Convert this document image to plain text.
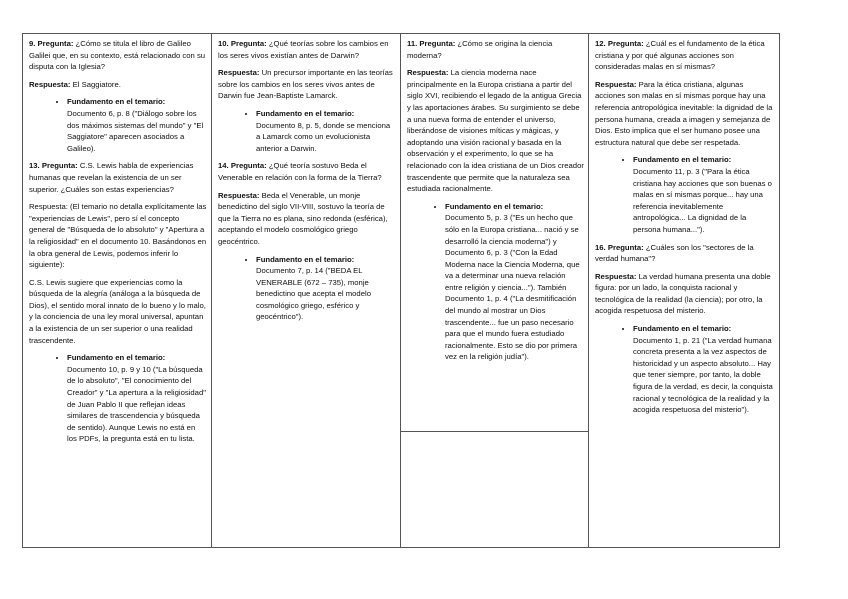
9. Pregunta: ¿Cómo se titula el libro de Galileo Galilei que, en su contexto, está relacionado con su disputa con la Iglesia?

Respuesta: El Saggiatore.

• Fundamento en el temario:
Documento 6, p. 8 ("Diálogo sobre los dos máximos sistemas del mundo" y "El Saggiatore" aparecen asociados a Galileo).

13. Pregunta: C.S. Lewis habla de experiencias humanas que revelan la existencia de un ser superior. ¿Cuáles son estas experiencias?

Respuesta: (El temario no detalla explícitamente las "experiencias de Lewis", pero sí el concepto general de "Búsqueda de lo absoluto" y "Apertura a la religiosidad" en el documento 10. Basándonos en la obra general de Lewis, podemos inferir lo siguiente):

C.S. Lewis sugiere que experiencias como la búsqueda de la alegría (análoga a la búsqueda de Dios), el sentido moral innato de lo bueno y lo malo, y la conciencia de una ley moral universal, apuntan a la existencia de un ser superior o una realidad trascendente.

• Fundamento en el temario:
Documento 10, p. 9 y 10 ("La búsqueda de lo absoluto", "El conocimiento del Creador" y "La apertura a la religiosidad" de Juan Pablo II que reflejan ideas similares de trascendencia y búsqueda de sentido). Aunque Lewis no está en los PDFs, la pregunta está en tu lista.

10. Pregunta: ¿Qué teorías sobre los cambios en los seres vivos existían antes de Darwin?

Respuesta: Un precursor importante en las teorías sobre los cambios en los seres vivos antes de Darwin fue Jean-Baptiste Lamarck.

• Fundamento en el temario:
Documento 8, p. 5, donde se menciona a Lamarck como un evolucionista anterior a Darwin.

14. Pregunta: ¿Qué teoría sostuvo Beda el Venerable en relación con la forma de la Tierra?

Respuesta: Beda el Venerable, un monje benedictino del siglo VII-VIII, sostuvo la teoría de que la Tierra no es plana, sino redonda (esférica), aceptando el modelo cosmológico griego geocéntrico.

• Fundamento en el temario:
Documento 7, p. 14 ("BEDA EL VENERABLE (672 – 735), monje benedictino que acepta el modelo cosmológico griego, esférico y geocéntrico").

11. Pregunta: ¿Cómo se origina la ciencia moderna?

Respuesta: La ciencia moderna nace principalmente en la Europa cristiana a partir del siglo XVI, recibiendo el legado de la antigua Grecia y las aportaciones árabes. Su surgimiento se debe a una nueva forma de entender el universo, liberándose de visiones míticas y mágicas, y adoptando una visión racional y basada en la observación y el experimento, lo que se ha relacionado con la idea cristiana de un Dios creador trascendente que permite que la naturaleza sea estudiada racionalmente.

• Fundamento en el temario:
Documento 5, p. 3 ("Es un hecho que sólo en la Europa cristiana... nació y se desarrolló la ciencia moderna") y Documento 6, p. 3 ("Con la Edad Moderna nace la Ciencia Moderna, que va a determinar una nueva relación entre religión y ciencia..."). También Documento 1, p. 4 ("La desmitificación del mundo al mostrar un Dios trascendente... fue un paso necesario para que el mundo fuera estudiado racionalmente. Esto se dio por primera vez en la religión judía").

12. Pregunta: ¿Cuál es el fundamento de la ética cristiana y por qué algunas acciones son consideradas malas en sí mismas?

Respuesta: Para la ética cristiana, algunas acciones son malas en sí mismas porque hay una referencia antropológica inevitable: la dignidad de la persona humana, creada a imagen y semejanza de Dios. Esto implica que el ser humano posee una estructura natural que debe ser respetada.

• Fundamento en el temario:
Documento 11, p. 3 ("Para la ética cristiana hay acciones que son buenas o malas en sí mismas porque... hay una referencia inevitablemente antropológica... La dignidad de la persona humana...").

16. Pregunta: ¿Cuáles son los "sectores de la verdad humana"?

Respuesta: La verdad humana presenta una doble figura: por un lado, la conquista racional y tecnológica de la realidad (la ciencia); por otro, la acogida respetuosa del misterio.

• Fundamento en el temario:
Documento 1, p. 21 ("La verdad humana concreta presenta a la vez aspectos de historicidad y un aspecto absoluto... Hay que tener siempre, por tanto, la doble figura de la verdad, es decir, la conquista racional y tecnológica de la realidad y la acogida respetuosa del misterio").
